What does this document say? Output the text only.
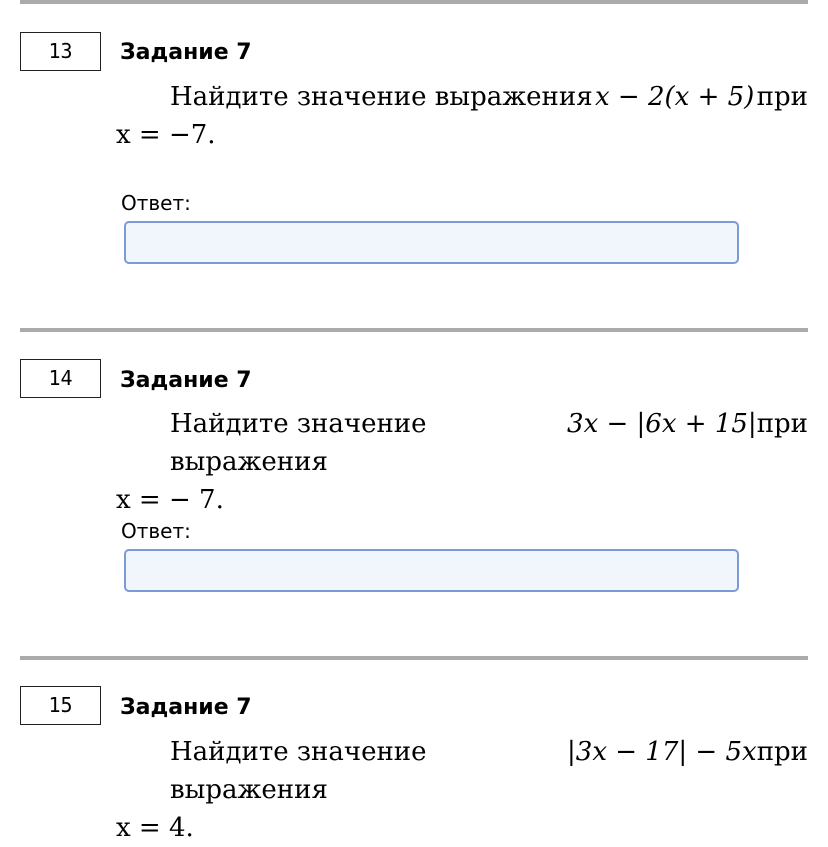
13	Задание 7
Найдите значение выражения x − 2(x + 5) при
x = −7.
Ответ:
14	Задание 7
Найдите значение выражения
3x − |6x + 15| при
x = − 7.
Ответ:
15	Задание 7
Найдите значение выражения
|3x − 17| − 5x при
x = 4.
